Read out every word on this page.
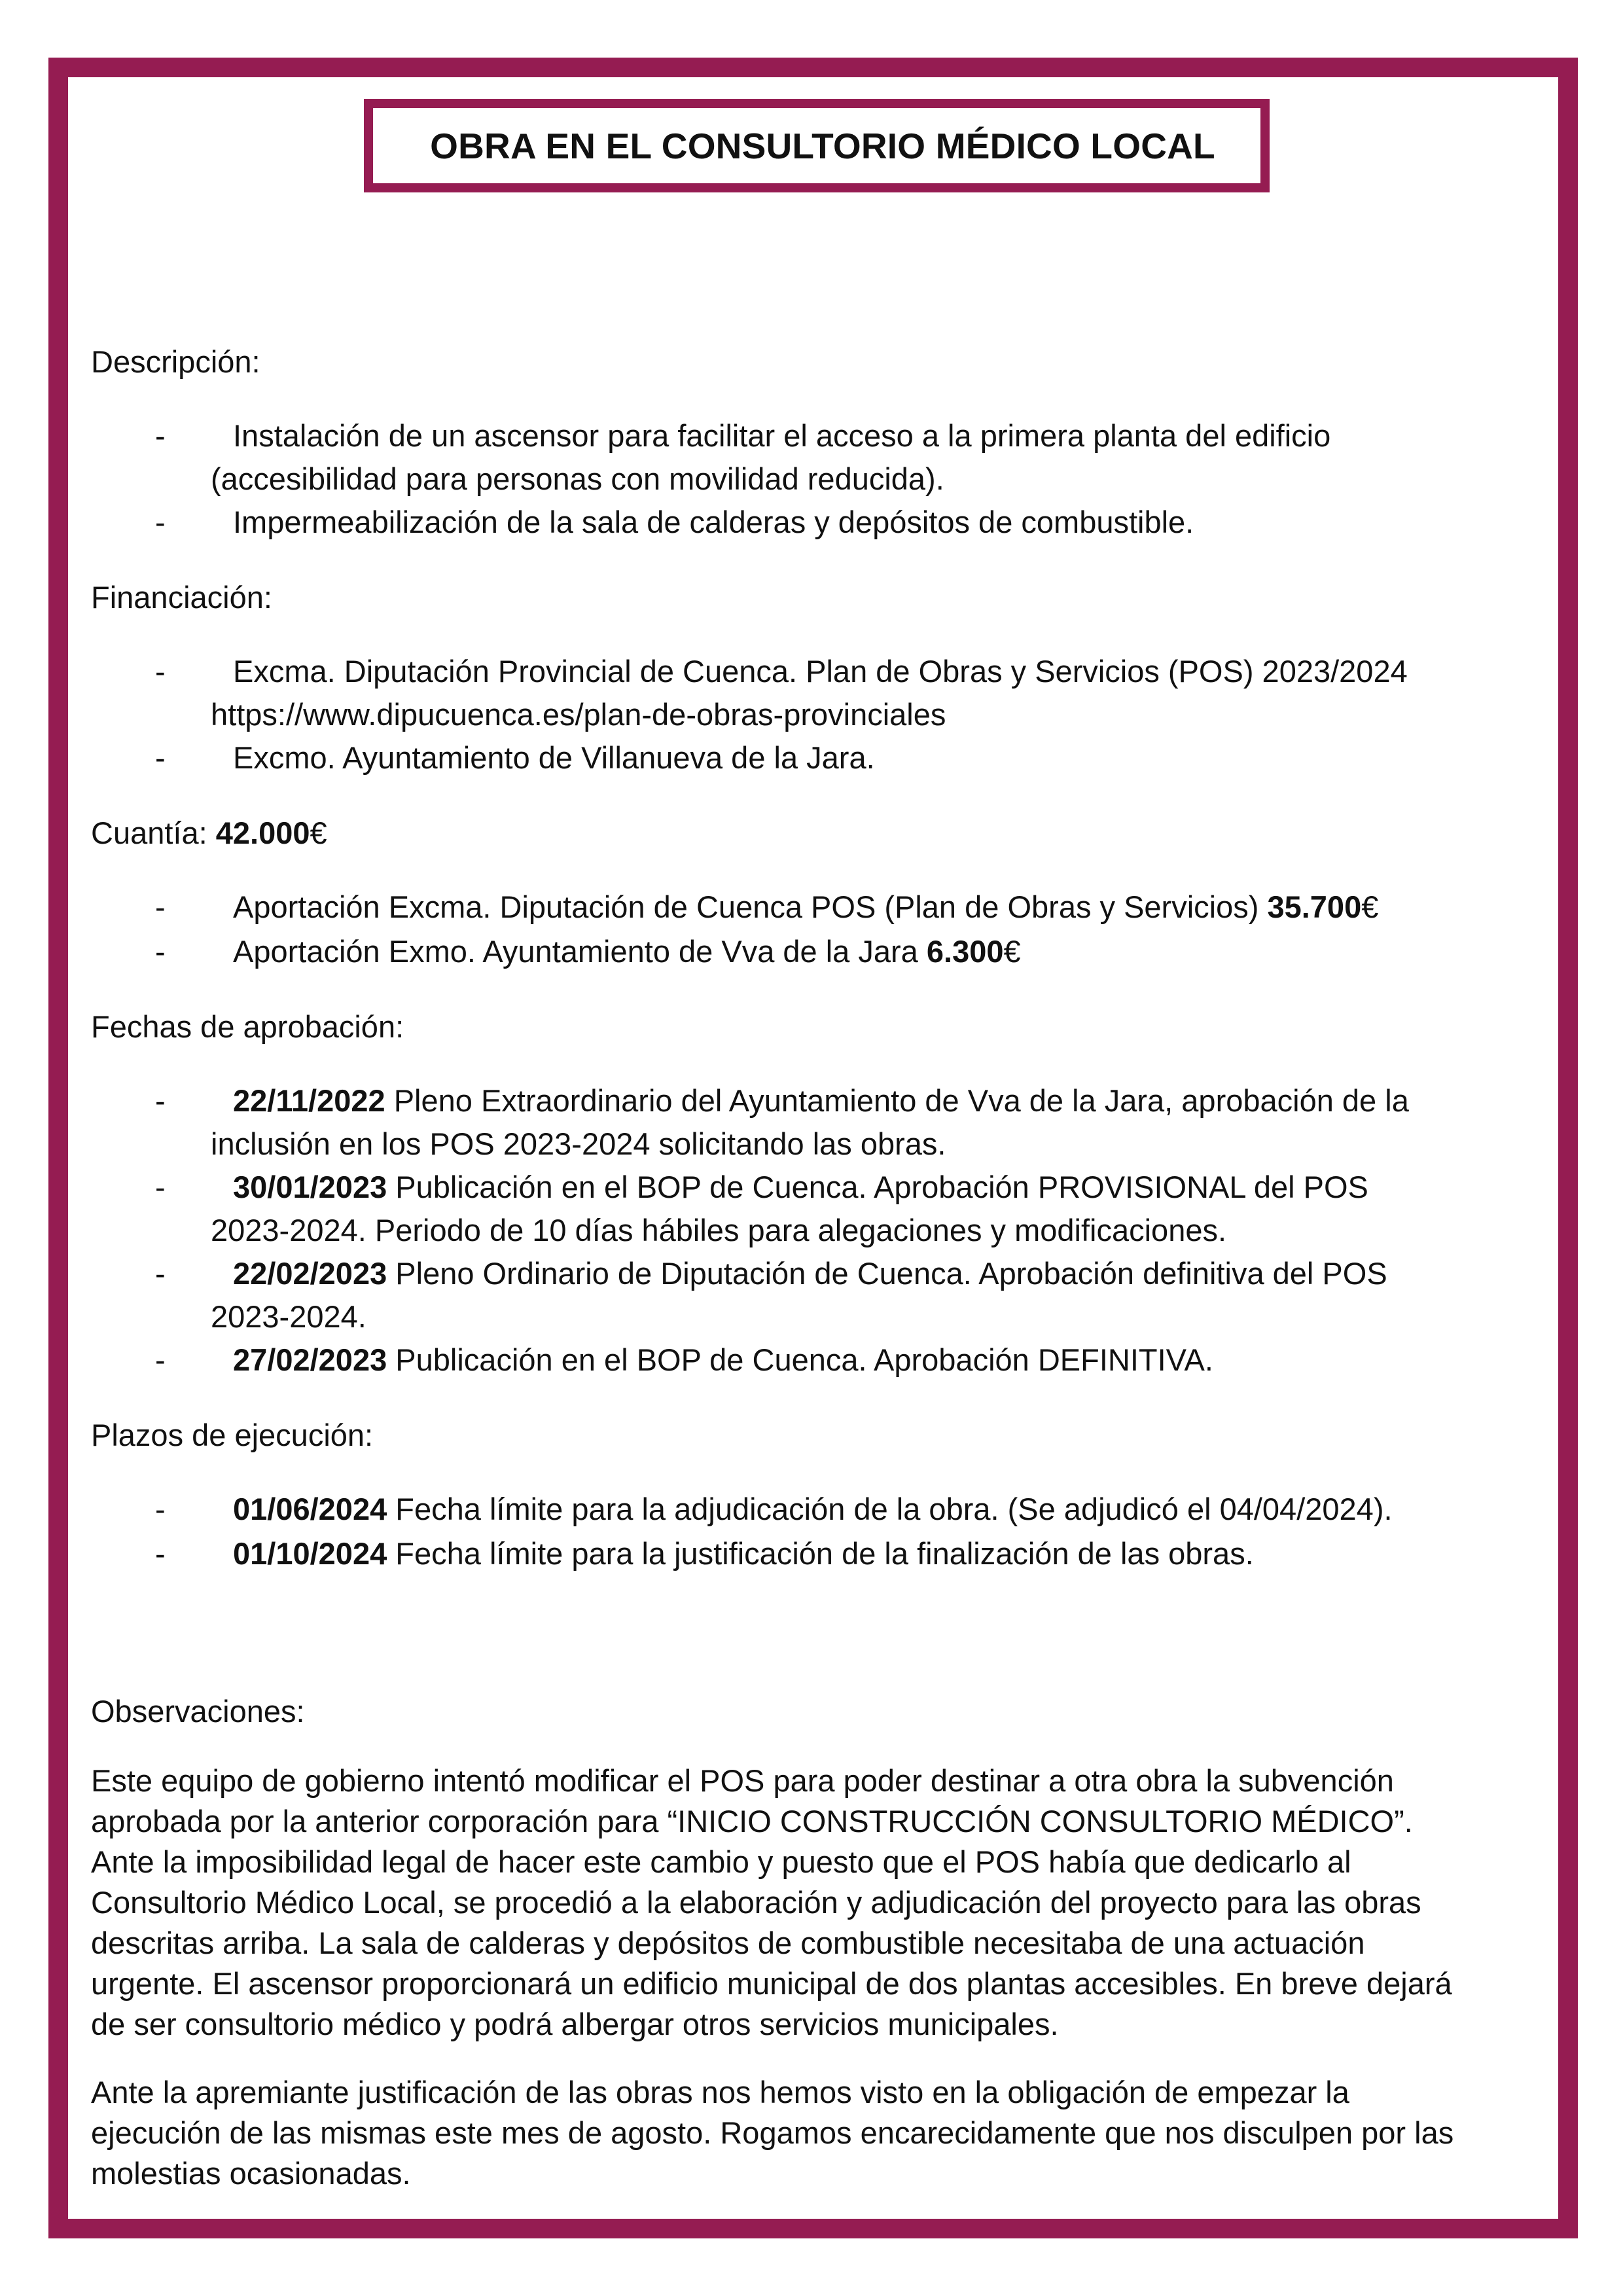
OBRA EN EL CONSULTORIO MÉDICO LOCAL

Descripción:

-	Instalación de un ascensor para facilitar el acceso a la primera planta del edificio
(accesibilidad para personas con movilidad reducida).
-	Impermeabilización de la sala de calderas y depósitos de combustible.

Financiación:

-	Excma. Diputación Provincial de Cuenca. Plan de Obras y Servicios (POS) 2023/2024
https://www.dipucuenca.es/plan-de-obras-provinciales
-	Excmo. Ayuntamiento de Villanueva de la Jara.

Cuantía: 42.000€

-	Aportación Excma. Diputación de Cuenca POS (Plan de Obras y Servicios) 35.700€
-	Aportación Exmo. Ayuntamiento de Vva de la Jara 6.300€

Fechas de aprobación:

-	22/11/2022 Pleno Extraordinario del Ayuntamiento de Vva de la Jara, aprobación de la
inclusión en los POS 2023-2024 solicitando las obras.
-	30/01/2023 Publicación en el BOP de Cuenca. Aprobación PROVISIONAL del POS
2023-2024. Periodo de 10 días hábiles para alegaciones y modificaciones.
-	22/02/2023 Pleno Ordinario de Diputación de Cuenca. Aprobación definitiva del POS
2023-2024.
-	27/02/2023 Publicación en el BOP de Cuenca. Aprobación DEFINITIVA.

Plazos de ejecución:

-	01/06/2024 Fecha límite para la adjudicación de la obra. (Se adjudicó el 04/04/2024).
-	01/10/2024 Fecha límite para la justificación de la finalización de las obras.

Observaciones:

Este equipo de gobierno intentó modificar el POS para poder destinar a otra obra la subvención
aprobada por la anterior corporación para “INICIO CONSTRUCCIÓN CONSULTORIO MÉDICO”.
Ante la imposibilidad legal de hacer este cambio y puesto que el POS había que dedicarlo al
Consultorio Médico Local, se procedió a la elaboración y adjudicación del proyecto para las obras
descritas arriba. La sala de calderas y depósitos de combustible necesitaba de una actuación
urgente. El ascensor proporcionará un edificio municipal de dos plantas accesibles. En breve dejará
de ser consultorio médico y podrá albergar otros servicios municipales.

Ante la apremiante justificación de las obras nos hemos visto en la obligación de empezar la
ejecución de las mismas este mes de agosto. Rogamos encarecidamente que nos disculpen por las
molestias ocasionadas.
